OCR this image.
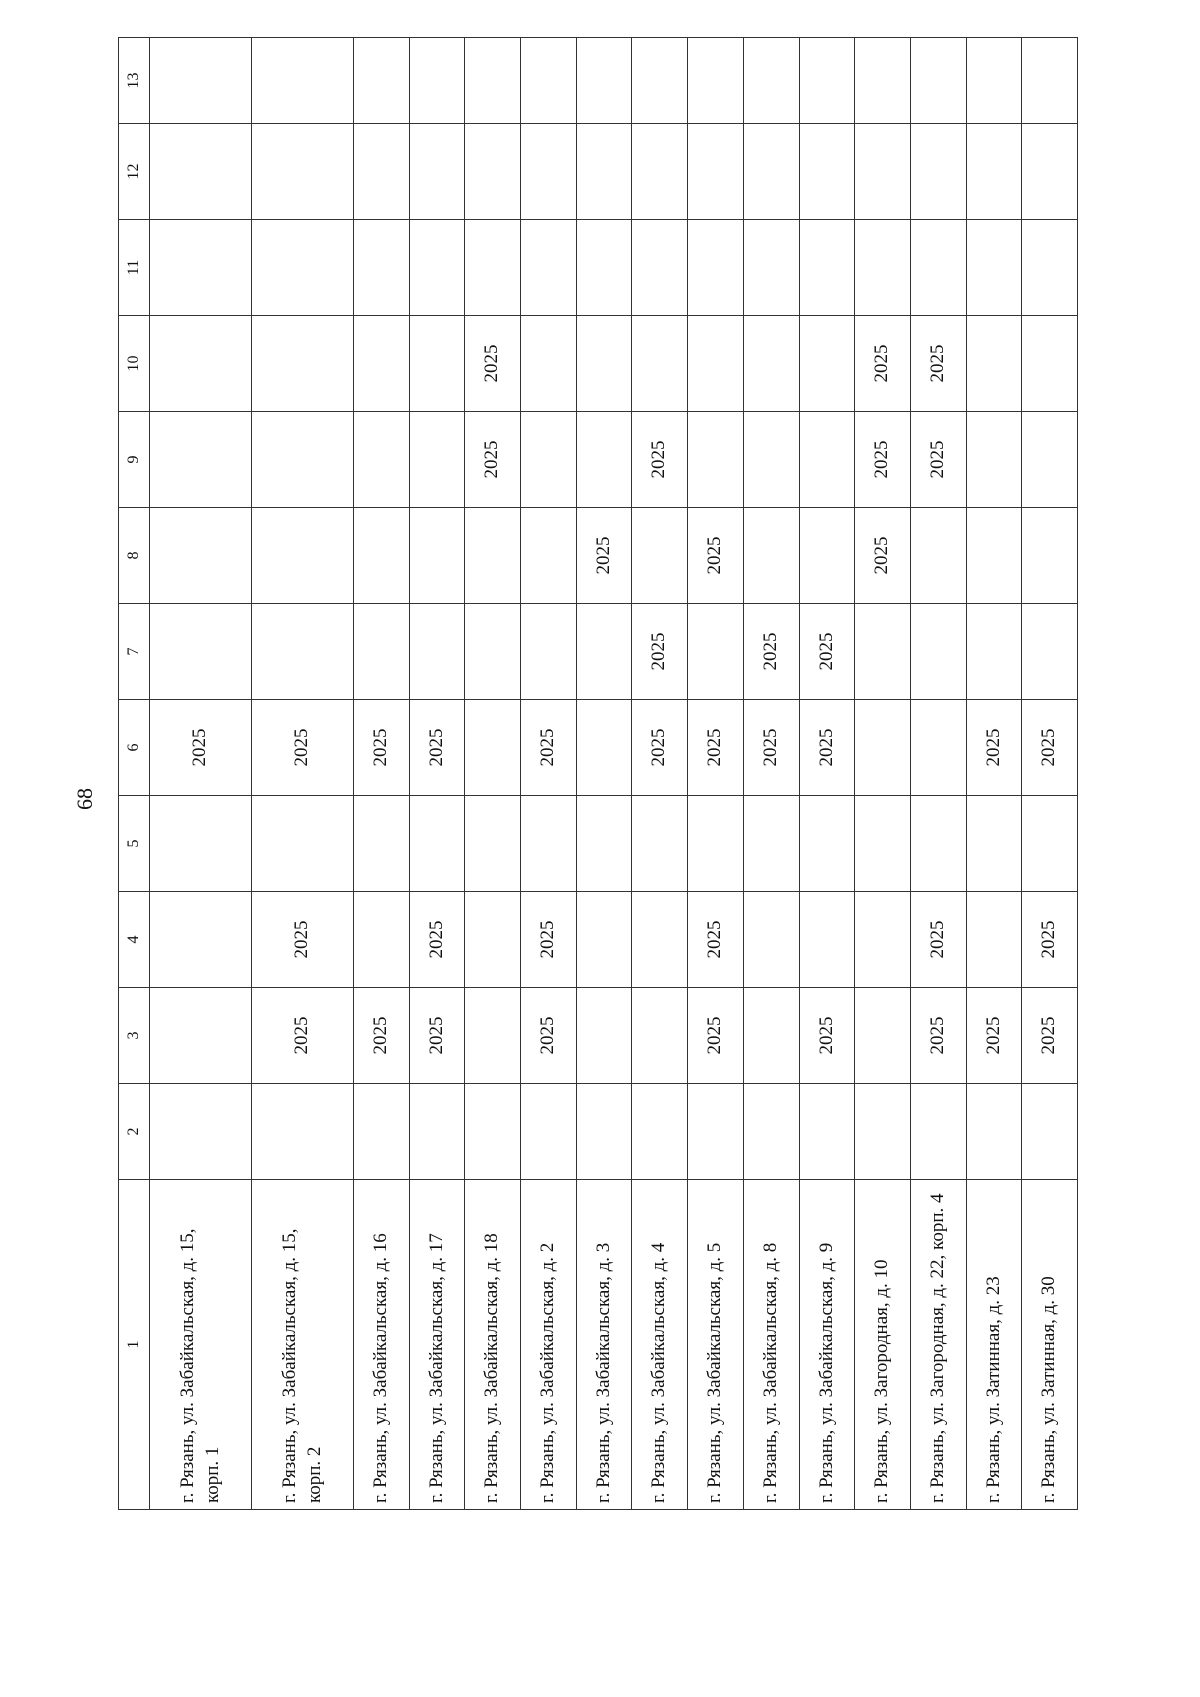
68
1	2	3	4	5	6	7	8	9	10	11	12	13
г. Рязань, ул. Забайкальская, д. 15, корп. 1					2025							
г. Рязань, ул. Забайкальская, д. 15, корп. 2		2025	2025		2025							
г. Рязань, ул. Забайкальская, д. 16		2025			2025							
г. Рязань, ул. Забайкальская, д. 17		2025	2025		2025							
г. Рязань, ул. Забайкальская, д. 18								2025	2025			
г. Рязань, ул. Забайкальская, д. 2		2025	2025		2025							
г. Рязань, ул. Забайкальская, д. 3							2025					
г. Рязань, ул. Забайкальская, д. 4					2025	2025		2025				
г. Рязань, ул. Забайкальская, д. 5		2025	2025		2025		2025					
г. Рязань, ул. Забайкальская, д. 8					2025	2025						
г. Рязань, ул. Забайкальская, д. 9		2025			2025	2025						
г. Рязань, ул. Загородная, д. 10							2025	2025	2025			
г. Рязань, ул. Загородная, д. 22, корп. 4		2025	2025					2025	2025			
г. Рязань, ул. Затинная, д. 23		2025			2025							
г. Рязань, ул. Затинная, д. 30		2025	2025		2025							
